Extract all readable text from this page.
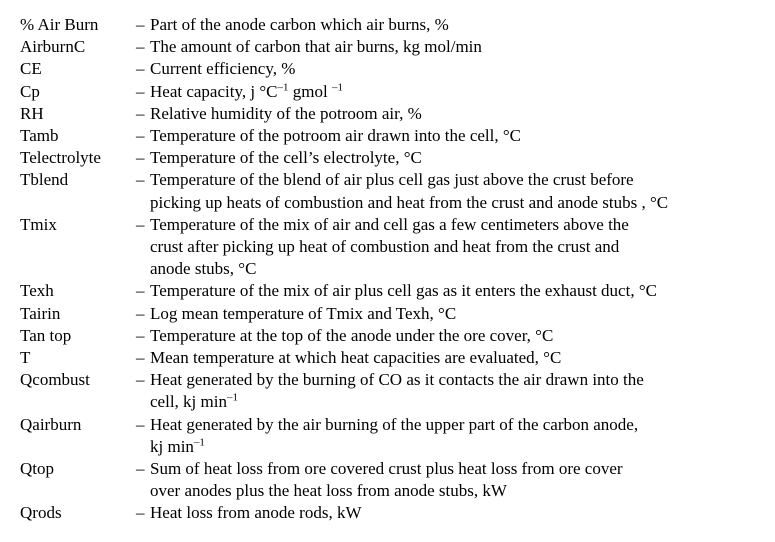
% Air Burn	– Part of the anode carbon which air burns, %
AirburnC	– The amount of carbon that air burns, kg mol/min
CE	– Current efficiency, %
Cp	– Heat capacity, j $^\circ C^{-1}$ gmol $^{-1}$
RH	– Relative humidity of the potroom air, %
Tamb	– Temperature of the potroom air drawn into the cell, °C
Telectrolyte	– Temperature of the cell’s electrolyte, °C
Tblend	– Temperature of the blend of air plus cell gas just above the crust before
picking up heats of combustion and heat from the crust and anode stubs , °C
Tmix	– Temperature of the mix of air and cell gas a few centimeters above the
crust after picking up heat of combustion and heat from the crust and
anode stubs, °C
Texh	– Temperature of the mix of air plus cell gas as it enters the exhaust duct, °C
Tairin	– Log mean temperature of Tmix and Texh, °C
Tan top	– Temperature at the top of the anode under the ore cover, °C
T	– Mean temperature at which heat capacities are evaluated, °C
Qcombust	– Heat generated by the burning of CO as it contacts the air drawn into the
cell, kj $\min^{-1}$
Qairburn	– Heat generated by the air burning of the upper part of the carbon anode,
kj $\min^{-1}$
Qtop	– Sum of heat loss from ore covered crust plus heat loss from ore cover
over anodes plus the heat loss from anode stubs, kW
Qrods	– Heat loss from anode rods, kW
